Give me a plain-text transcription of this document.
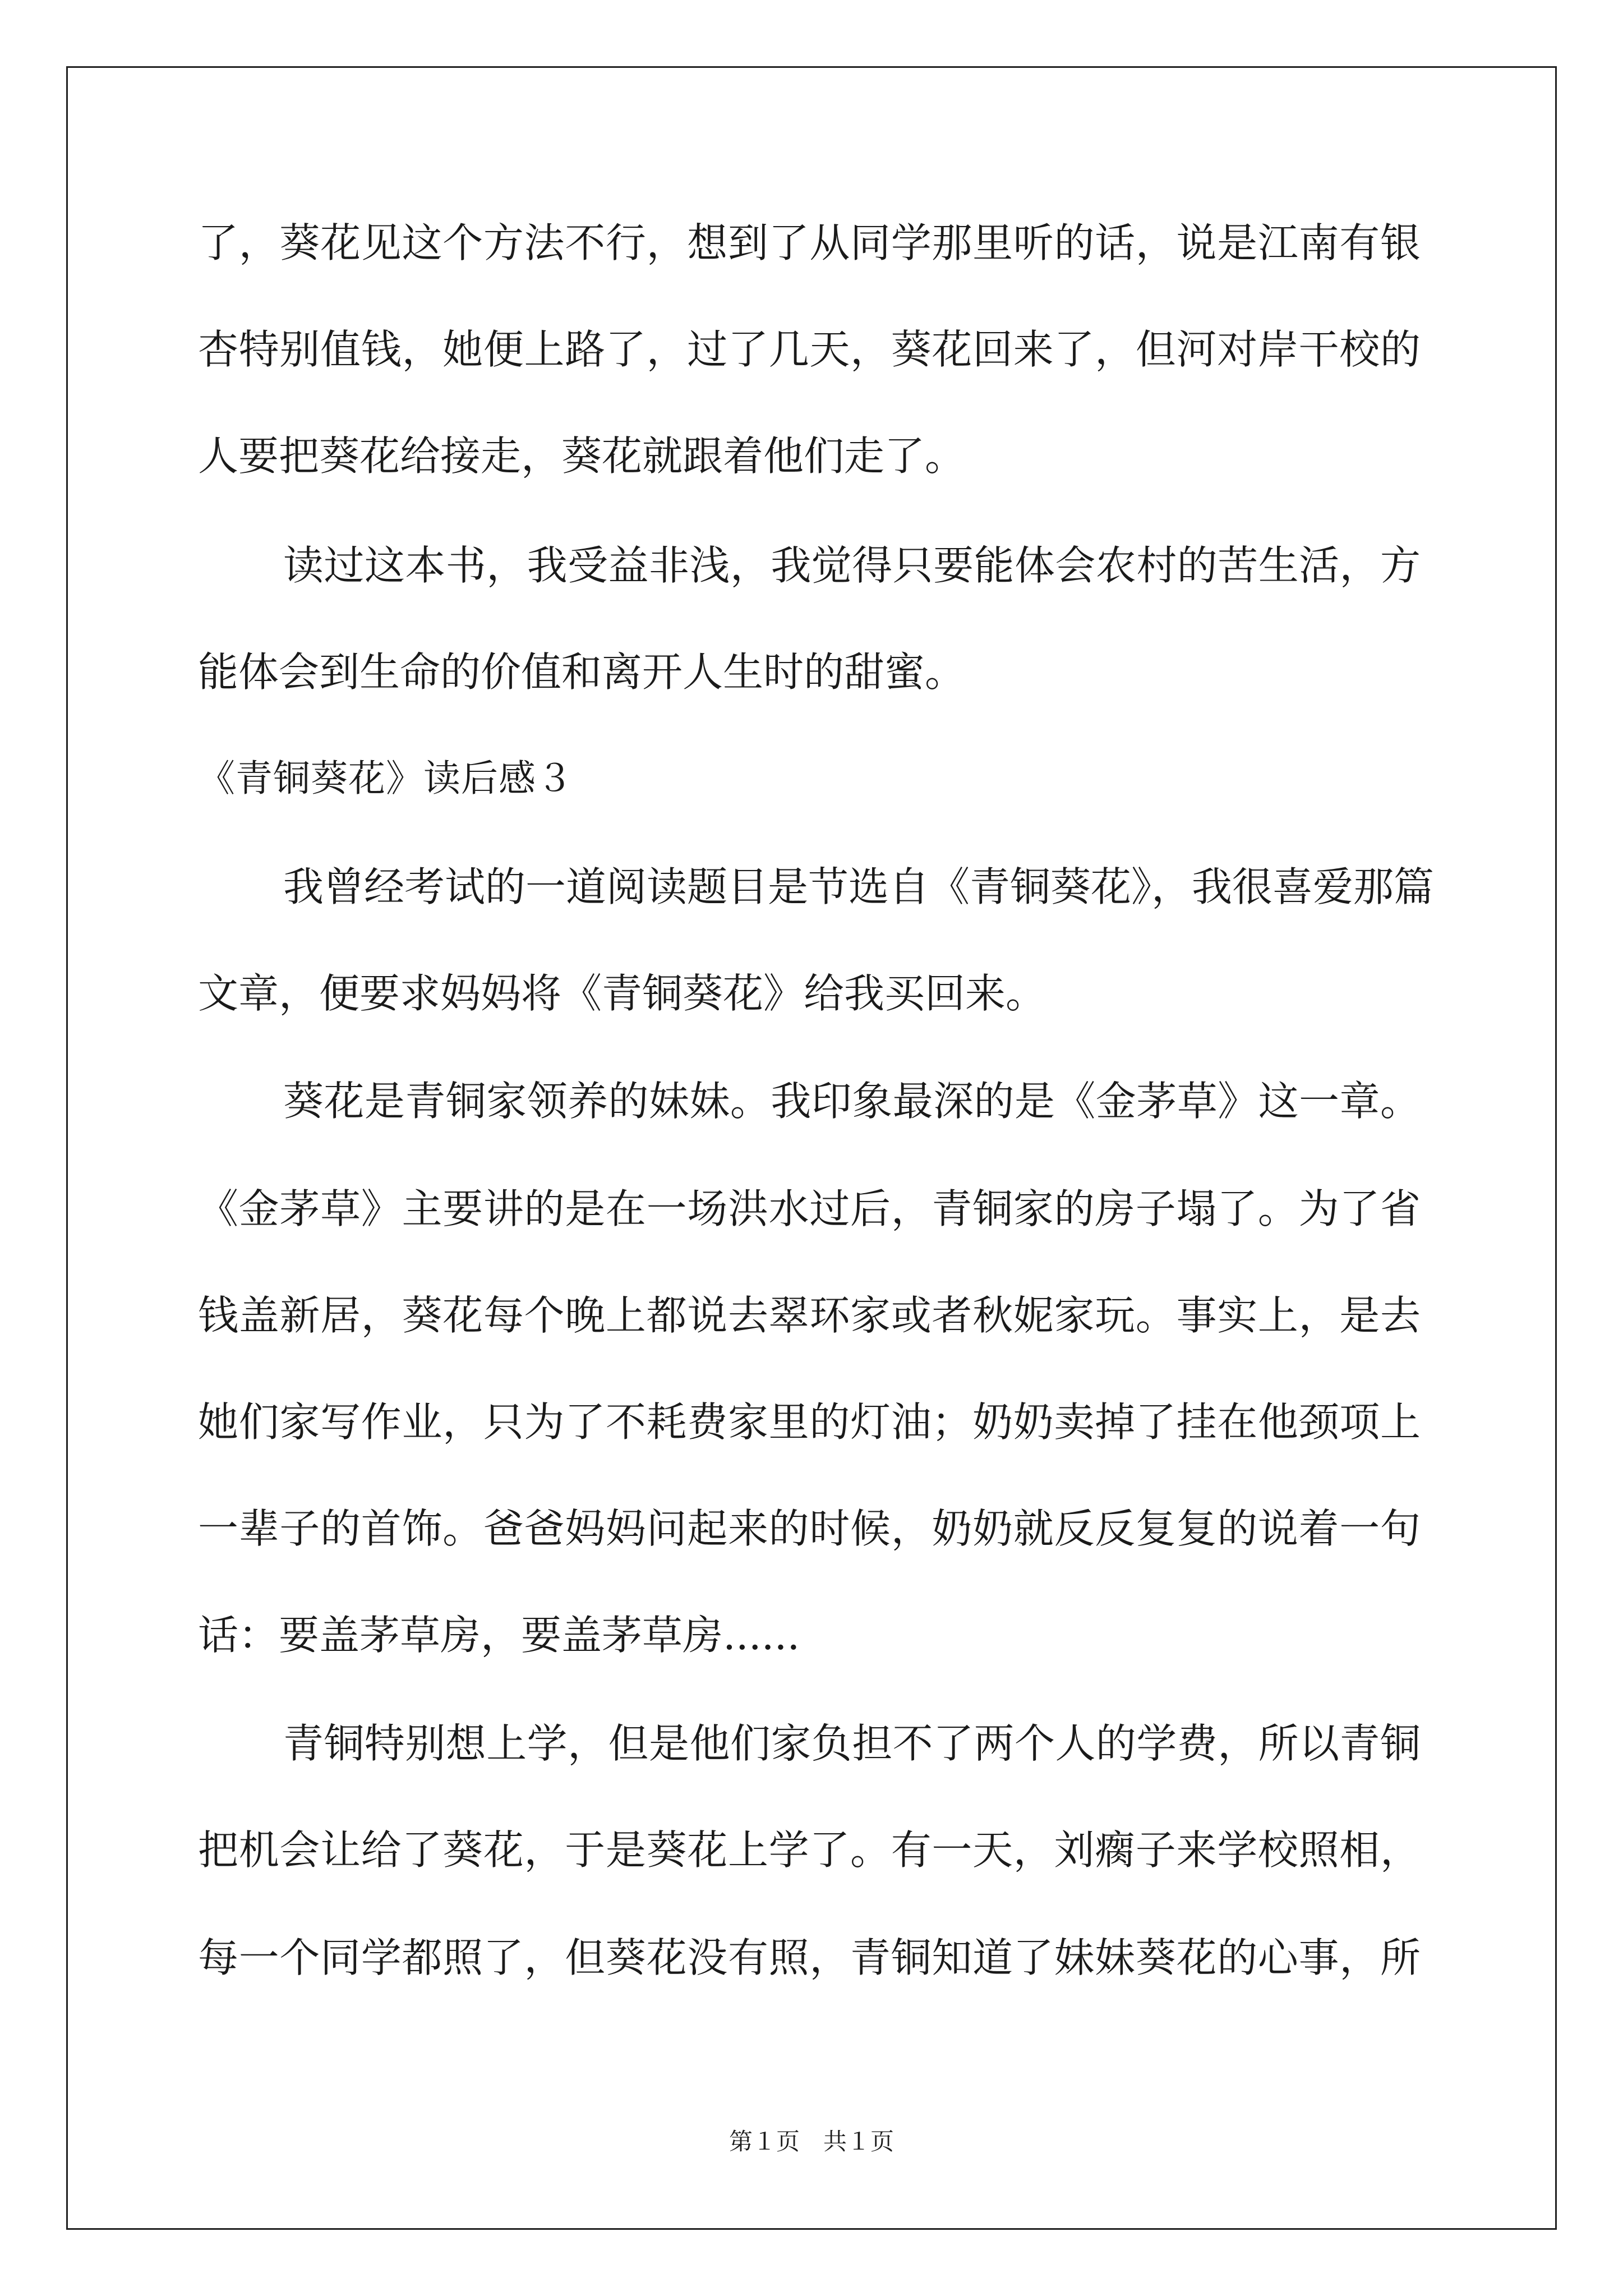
了，葵花见这个方法不行，想到了从同学那里听的话，说是江南有银
杏特别值钱，她便上路了，过了几天，葵花回来了，但河对岸干校的
人要把葵花给接走，葵花就跟着他们走了。
读过这本书，我受益非浅，我觉得只要能体会农村的苦生活，方
能体会到生命的价值和离开人生时的甜蜜。
《青铜葵花》读后感３
我曾经考试的一道阅读题目是节选自《青铜葵花》，我很喜爱那篇
文章，便要求妈妈将《青铜葵花》给我买回来。
葵花是青铜家领养的妹妹。我印象最深的是《金茅草》这一章。
《金茅草》主要讲的是在一场洪水过后，青铜家的房子塌了。为了省
钱盖新居，葵花每个晚上都说去翠环家或者秋妮家玩。事实上，是去
她们家写作业，只为了不耗费家里的灯油；奶奶卖掉了挂在他颈项上
一辈子的首饰。爸爸妈妈问起来的时候，奶奶就反反复复的说着一句
话：要盖茅草房，要盖茅草房......
青铜特别想上学，但是他们家负担不了两个人的学费，所以青铜
把机会让给了葵花，于是葵花上学了。有一天，刘瘸子来学校照相，
每一个同学都照了，但葵花没有照，青铜知道了妹妹葵花的心事，所
第１页　共１页
